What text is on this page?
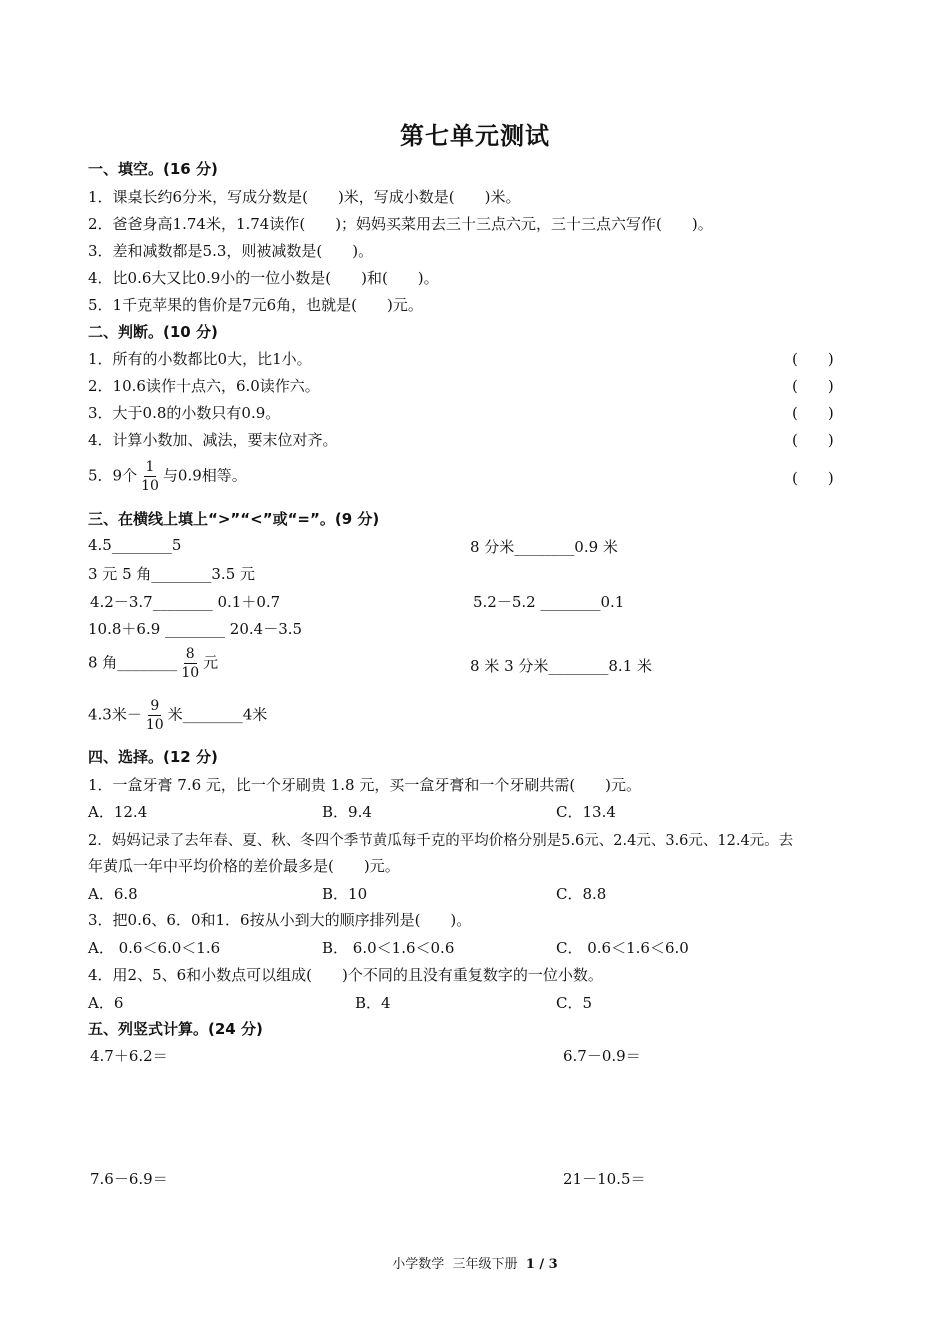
第七单元测试
一、填空。(16 分)
1．课桌长约6分米，写成分数是(　　)米，写成小数是(　　)米。
2．爸爸身高1.74米，1.74读作(　　)；妈妈买菜用去三十三点六元，三十三点六写作(　　)。
3．差和减数都是5.3，则被减数是(　　)。
4．比0.6大又比0.9小的一位小数是(　　)和(　　)。
5．1千克苹果的售价是7元6角，也就是(　　)元。
二、判断。(10 分)
1．所有的小数都比0大，比1小。	(　　)
2．10.6读作十点六，6.0读作六。	(　　)
3．大于0.8的小数只有0.9。	(　　)
4．计算小数加、减法，要末位对齐。	(　　)
5．9个 $\frac{1}{10}$ 与0.9相等。	(　　)
三、在横线上填上“>”“<”或“=”。(9 分)
4.5________5	8 分米________0.9 米
3 元 5 角________3.5 元
4.2－3.7________ 0.1＋0.7	5.2－5.2 ________0.1
10.8＋6.9 ________ 20.4－3.5
8 角________ $\frac{8}{10}$ 元	8 米 3 分米________8.1 米
4.3米－ $\frac{9}{10}$ 米________4米
四、选择。(12 分)
1．一盒牙膏 7.6 元，比一个牙刷贵 1.8 元，买一盒牙膏和一个牙刷共需(　　)元。
A．12.4	B．9.4	C．13.4
2．妈妈记录了去年春、夏、秋、冬四个季节黄瓜每千克的平均价格分别是5.6元、2.4元、3.6元、12.4元。去
年黄瓜一年中平均价格的差价最多是(　　)元。
A．6.8	B．10	C．8.8
3．把0.6、6．0和1．6按从小到大的顺序排列是(　　)。
A． 0.6＜6.0＜1.6	B． 6.0＜1.6＜0.6	C． 0.6＜1.6＜6.0
4．用2、5、6和小数点可以组成(　　)个不同的且没有重复数字的一位小数。
A．6	B．4	C．5
五、列竖式计算。(24 分)
4.7＋6.2＝	6.7－0.9＝
7.6－6.9＝	21－10.5＝
小学数学  三年级下册  1 / 3
